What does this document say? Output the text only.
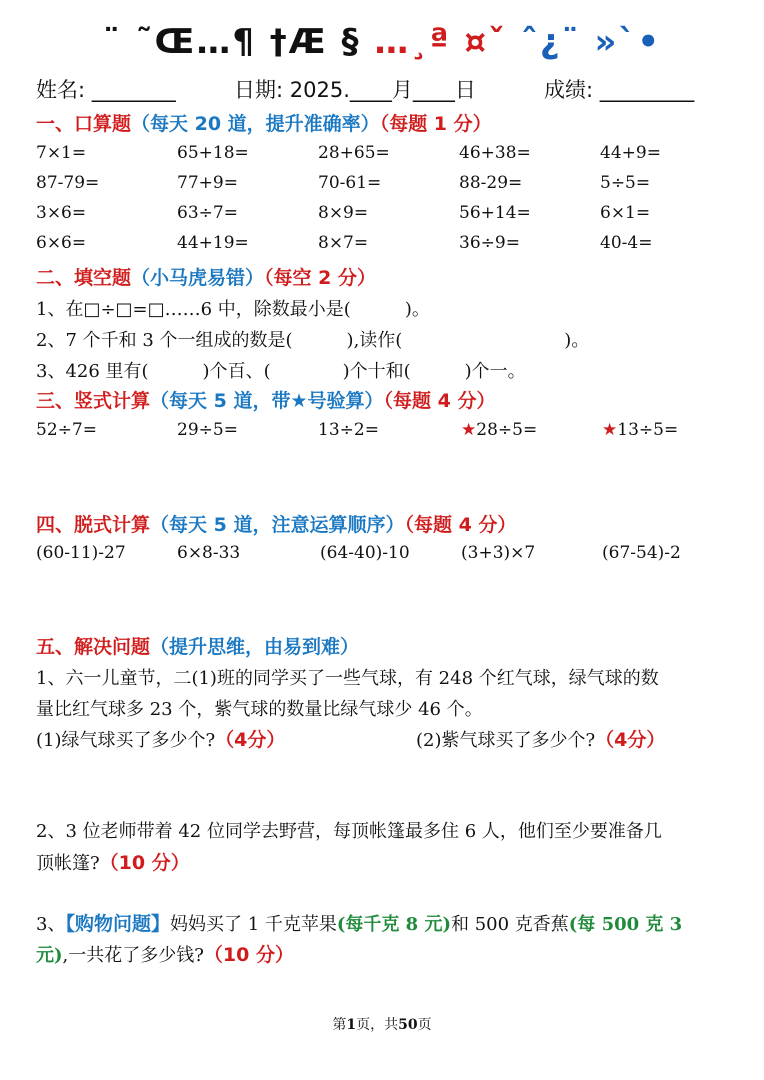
¨ ˜Œ…¶ †Æ § …¸ª ¤ˇ ˆ¿¨ »`•
姓名: ________	日期: 2025.____月____日	成绩: _________
一、口算题（每天 20 道，提升准确率）（每题 1 分）
7×1=	65+18=	28+65=	46+38=	44+9=
87-79=	77+9=	70-61=	88-29=	5÷5=
3×6=	63÷7=	8×9=	56+14=	6×1=
6×6=	44+19=	8×7=	36÷9=	40-4=
二、填空题（小马虎易错）（每空 2 分）
1、在□÷□=□……6 中，除数最小是(　　　)。
2、7 个千和 3 个一组成的数是(　　　),读作(　　　　　　　　　)。
3、426 里有(　　　)个百、(　　　　)个十和(　　　)个一。
三、竖式计算（每天 5 道，带★号验算）（每题 4 分）
52÷7=	29÷5=	13÷2=	★28÷5=	★13÷5=
四、脱式计算（每天 5 道，注意运算顺序）（每题 4 分）
(60-11)-27	6×8-33	(64-40)-10	(3+3)×7	(67-54)-2
五、解决问题（提升思维，由易到难）
1、六一儿童节，二(1)班的同学买了一些气球，有 248 个红气球，绿气球的数
量比红气球多 23 个，紫气球的数量比绿气球少 46 个。
(1)绿气球买了多少个?（4分）	(2)紫气球买了多少个?（4分）
2、3 位老师带着 42 位同学去野营，每顶帐篷最多住 6 人，他们至少要准备几
顶帐篷?（10 分）
3、【购物问题】妈妈买了 1 千克苹果(每千克 8 元)和 500 克香蕉(每 500 克 3
元),一共花了多少钱?（10 分）
第1页，共50页
